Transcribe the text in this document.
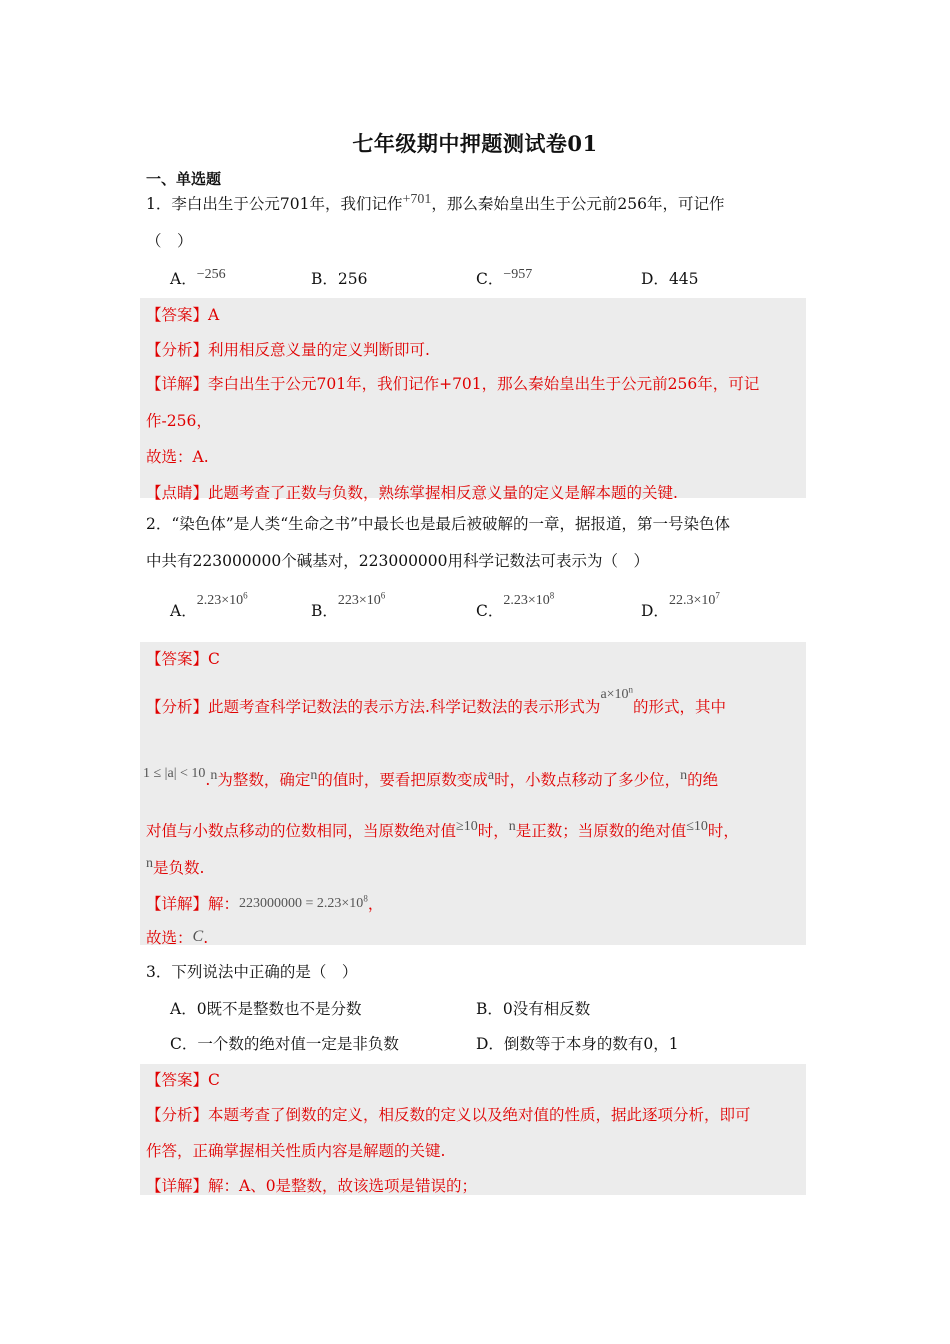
七年级期中押题测试卷01
一、单选题
1．李白出生于公元701年，我们记作+701，那么秦始皇出生于公元前256年，可记作
（　）
A．−256	B．256	C．−957	D．445
【答案】A
【分析】利用相反意义量的定义判断即可.
【详解】李白出生于公元701年，我们记作+701，那么秦始皇出生于公元前256年，可记
作-256，
故选：A.
【点睛】此题考查了正数与负数，熟练掌握相反意义量的定义是解本题的关键.
2．“染色体”是人类“生命之书”中最长也是最后被破解的一章，据报道，第一号染色体
中共有223000000个碱基对，223000000用科学记数法可表示为（　）
A．$2.23\times 10^6$
B．$223\times 10^6$
C．$2.23\times 10^8$
D．$22.3\times 10^7$
【答案】C
【分析】此题考查科学记数法的表示方法.科学记数法的表示形式为$a\times 10^n$的形式，其中
1 ≤ |a| < 10.n为整数，确定n的值时，要看把原数变成a时，小数点移动了多少位，n的绝
对值与小数点移动的位数相同，当原数绝对值≥10时，n是正数；当原数的绝对值≤10时，
n是负数.
【详解】解：$223000000 = 2.23\times 10^8$，
故选：C.
3．下列说法中正确的是（　）
A．0既不是整数也不是分数	B．0没有相反数
C．一个数的绝对值一定是非负数	D．倒数等于本身的数有0，1
【答案】C
【分析】本题考查了倒数的定义，相反数的定义以及绝对值的性质，据此逐项分析，即可
作答，正确掌握相关性质内容是解题的关键.
【详解】解：A、0是整数，故该选项是错误的；
